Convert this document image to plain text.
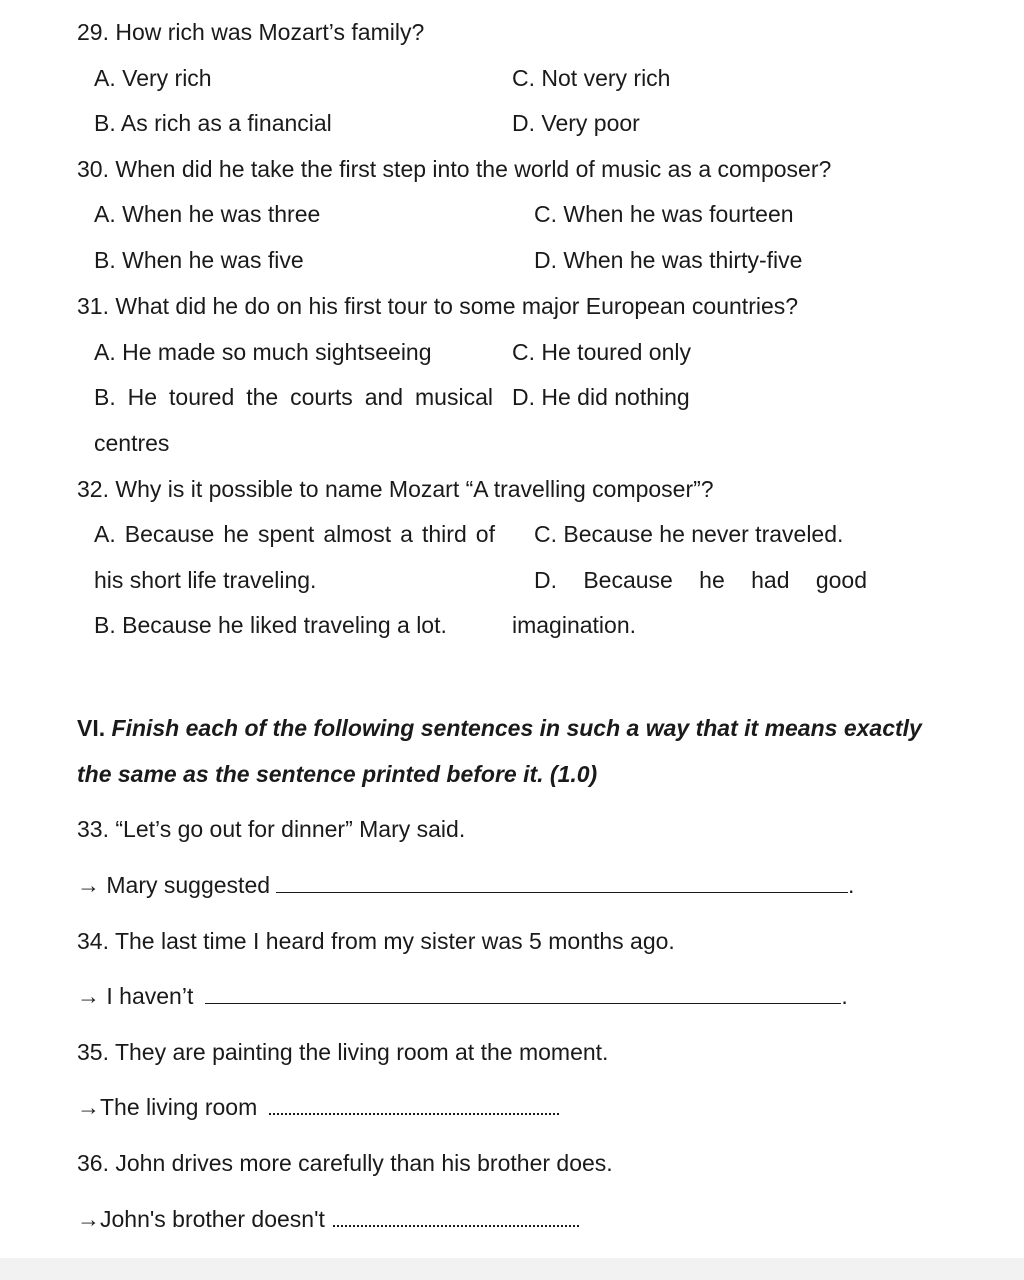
29. How rich was Mozart’s family?
A. Very rich	C. Not very rich
B. As rich as a financial	D. Very poor
30. When did he take the first step into the world of music as a composer?
A. When he was three	C. When he was fourteen
B. When he was five	D. When he was thirty-five
31. What did he do on his first tour to some major European countries?
A. He made so much sightseeing	C. He toured only
B. He toured the courts and musical D. He did nothing
centres
32. Why is it possible to name Mozart “A travelling composer”?
A. Because he spent almost a third of C. Because he never traveled.
his short life traveling.	D. Because he had good
B. Because he liked traveling a lot.	imagination.
VI. Finish each of the following sentences in such a way that it means exactly
the same as the sentence printed before it. (1.0)
33. “Let’s go out for dinner” Mary said.
→ Mary suggested	.
34. The last time I heard from my sister was 5 months ago.
→ I haven’t	.
35. They are painting the living room at the moment.
→The living room
36. John drives more carefully than his brother does.
→John's brother doesn't
